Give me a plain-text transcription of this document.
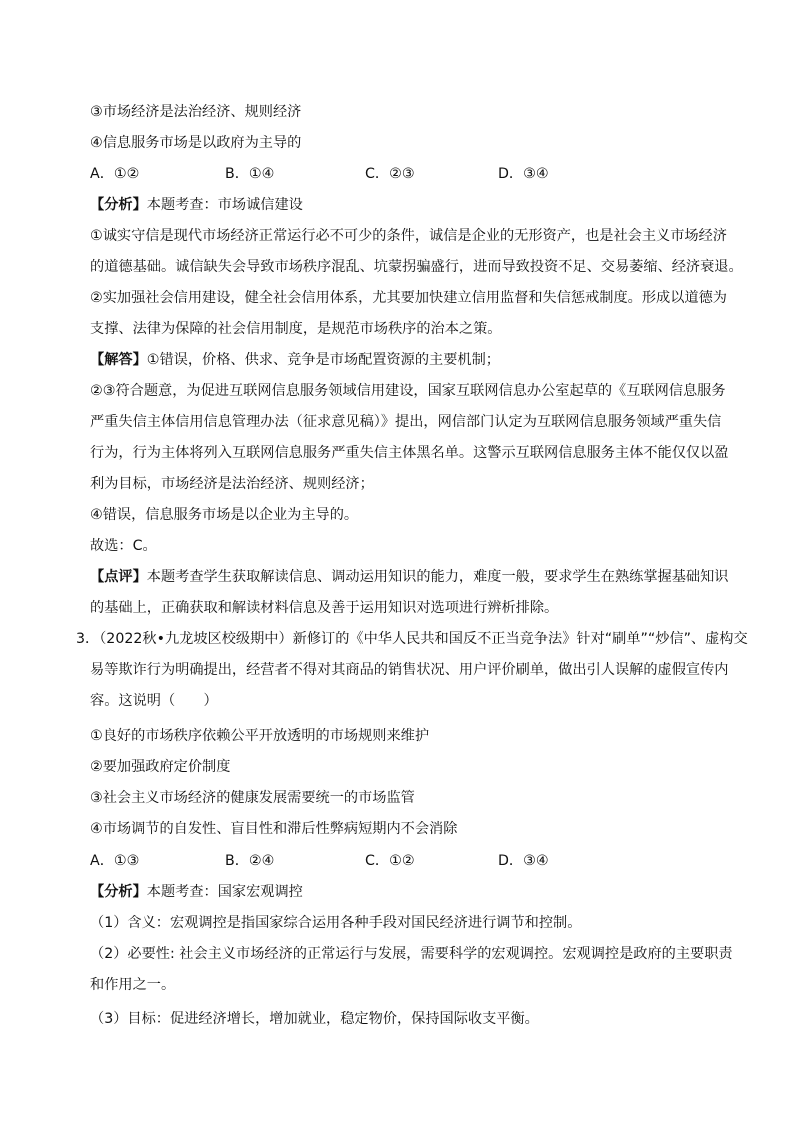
③市场经济是法治经济、规则经济
④信息服务市场是以政府为主导的
A．①②	B．①④	C．②③	D．③④
【分析】本题考查：市场诚信建设
①诚实守信是现代市场经济正常运行必不可少的条件，诚信是企业的无形资产，也是社会主义市场经济
的道德基础。诚信缺失会导致市场秩序混乱、坑蒙拐骗盛行，进而导致投资不足、交易萎缩、经济衰退。
②实加强社会信用建设，健全社会信用体系，尤其要加快建立信用监督和失信惩戒制度。形成以道德为
支撑、法律为保障的社会信用制度，是规范市场秩序的治本之策。
【解答】①错误，价格、供求、竞争是市场配置资源的主要机制；
②③符合题意，为促进互联网信息服务领域信用建设，国家互联网信息办公室起草的《互联网信息服务
严重失信主体信用信息管理办法（征求意见稿）》提出，网信部门认定为互联网信息服务领域严重失信
行为，行为主体将列入互联网信息服务严重失信主体黑名单。这警示互联网信息服务主体不能仅仅以盈
利为目标，市场经济是法治经济、规则经济；
④错误，信息服务市场是以企业为主导的。
故选：C。
【点评】本题考查学生获取解读信息、调动运用知识的能力，难度一般，要求学生在熟练掌握基础知识
的基础上，正确获取和解读材料信息及善于运用知识对选项进行辨析排除。
3．（2022秋•九龙坡区校级期中）新修订的《中华人民共和国反不正当竞争法》针对“刷单”“炒信”、虚构交
易等欺诈行为明确提出，经营者不得对其商品的销售状况、用户评价刷单，做出引人误解的虚假宣传内
容。这说明（　　）
①良好的市场秩序依赖公平开放透明的市场规则来维护
②要加强政府定价制度
③社会主义市场经济的健康发展需要统一的市场监管
④市场调节的自发性、盲目性和滞后性弊病短期内不会消除
A．①③	B．②④	C．①②	D．③④
【分析】本题考查：国家宏观调控
（1）含义：宏观调控是指国家综合运用各种手段对国民经济进行调节和控制。
（2）必要性: 社会主义市场经济的正常运行与发展，需要科学的宏观调控。宏观调控是政府的主要职责
和作用之一。
（3）目标：促进经济增长，增加就业，稳定物价，保持国际收支平衡。
